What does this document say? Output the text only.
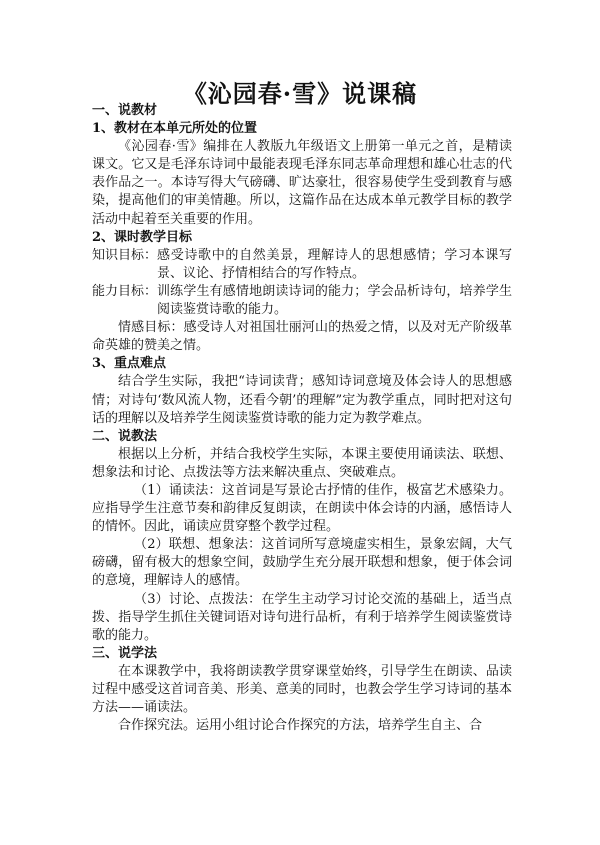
《沁园春·雪》说课稿

一、说教材

1、教材在本单元所处的位置

《沁园春·雪》编排在人教版九年级语文上册第一单元之首，是精读课文。它又是毛泽东诗词中最能表现毛泽东同志革命理想和雄心壮志的代表作品之一。本诗写得大气磅礴、旷达豪壮，很容易使学生受到教育与感染，提高他们的审美情趣。所以，这篇作品在达成本单元教学目标的教学活动中起着至关重要的作用。

2、课时教学目标

知识目标： 感受诗歌中的自然美景，理解诗人的思想感情；学习本课写景、议论、抒情相结合的写作特点。
能力目标： 训练学生有感情地朗读诗词的能力；学会品析诗句，培养学生阅读鉴赏诗歌的能力。

情感目标：感受诗人对祖国壮丽河山的热爱之情，以及对无产阶级革命英雄的赞美之情。

3、重点难点

结合学生实际，我把“诗词读背；感知诗词意境及体会诗人的思想感情；对诗句‘数风流人物，还看今朝’的理解”定为教学重点，同时把对这句话的理解以及培养学生阅读鉴赏诗歌的能力定为教学难点。

二、说教法

根据以上分析，并结合我校学生实际，本课主要使用诵读法、联想、想象法和讨论、点拨法等方法来解决重点、突破难点。

（1）诵读法：这首词是写景论古抒情的佳作，极富艺术感染力。应指导学生注意节奏和韵律反复朗读，在朗读中体会诗的内涵，感悟诗人的情怀。因此，诵读应贯穿整个教学过程。

（2）联想、想象法：这首词所写意境虚实相生，景象宏阔，大气磅礴，留有极大的想象空间，鼓励学生充分展开联想和想象，便于体会词的意境，理解诗人的感情。

（3）讨论、点拨法：在学生主动学习讨论交流的基础上，适当点拨、指导学生抓住关键词语对诗句进行品析，有利于培养学生阅读鉴赏诗歌的能力。

三、说学法

在本课教学中，我将朗读教学贯穿课堂始终，引导学生在朗读、品读过程中感受这首词音美、形美、意美的同时，也教会学生学习诗词的基本方法——诵读法。

合作探究法。运用小组讨论合作探究的方法，培养学生自主、合
